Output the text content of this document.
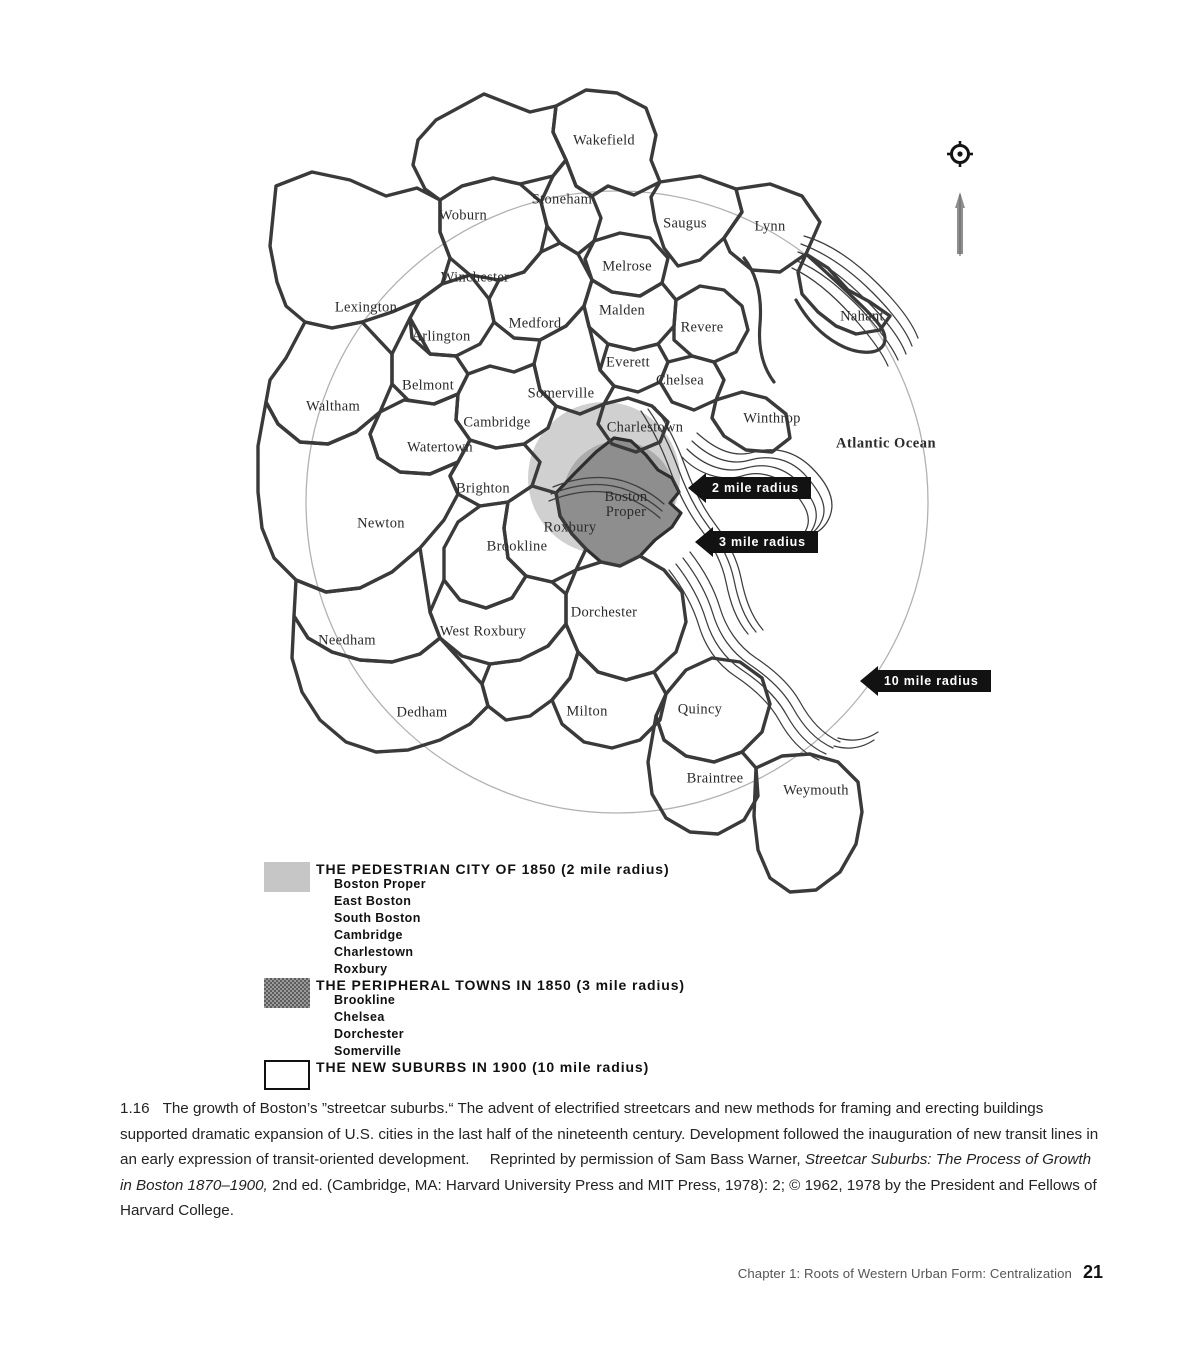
Wakefield
Woburn
Stoneham
Saugus	Lynn
Melrose
Winchester
Malden
Lexington
Revere
Medford
Arlington
Nahant
Everett
Belmont	Chelsea
Somerville
Waltham
Cambridge	Charlestown
Winthrop
Watertown
Brighton
Roxbury
Newton
Brookline
Dorchester
West Roxbury
Needham
Milton	Quincy
Dedham
Braintree
Weymouth
Boston
Proper
Atlantic Ocean
2 mile radius
3 mile radius
10 mile radius
THE PEDESTRIAN CITY OF 1850 (2 mile radius)
Boston Proper
East Boston
South Boston
Cambridge
Charlestown
Roxbury
THE PERIPHERAL TOWNS IN 1850 (3 mile radius)
Brookline
Chelsea
Dorchester
Somerville
THE NEW SUBURBS IN 1900 (10 mile radius)
1.16 The growth of Boston’s ”streetcar suburbs.“ The advent of electrified streetcars and new methods for framing and erecting buildings supported dramatic expansion of U.S. cities in the last half of the nineteenth century. Development followed the inauguration of new transit lines in an early expression of transit-oriented development. Reprinted by permission of Sam Bass Warner, Streetcar Suburbs: The Process of Growth in Boston 1870–1900, 2nd ed. (Cambridge, MA: Harvard University Press and MIT Press, 1978): 2; © 1962, 1978 by the President and Fellows of Harvard College.
Chapter 1: Roots of Western Urban Form: Centralization 21
